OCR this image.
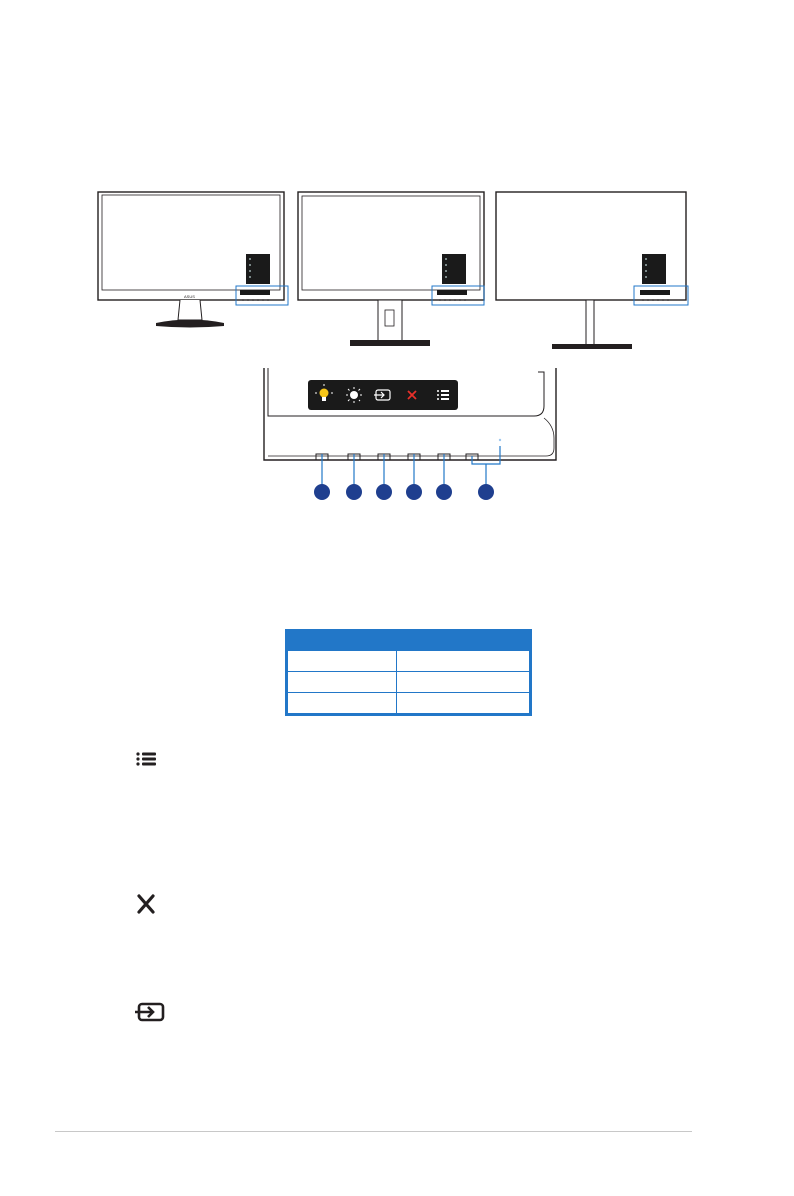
ASUS
